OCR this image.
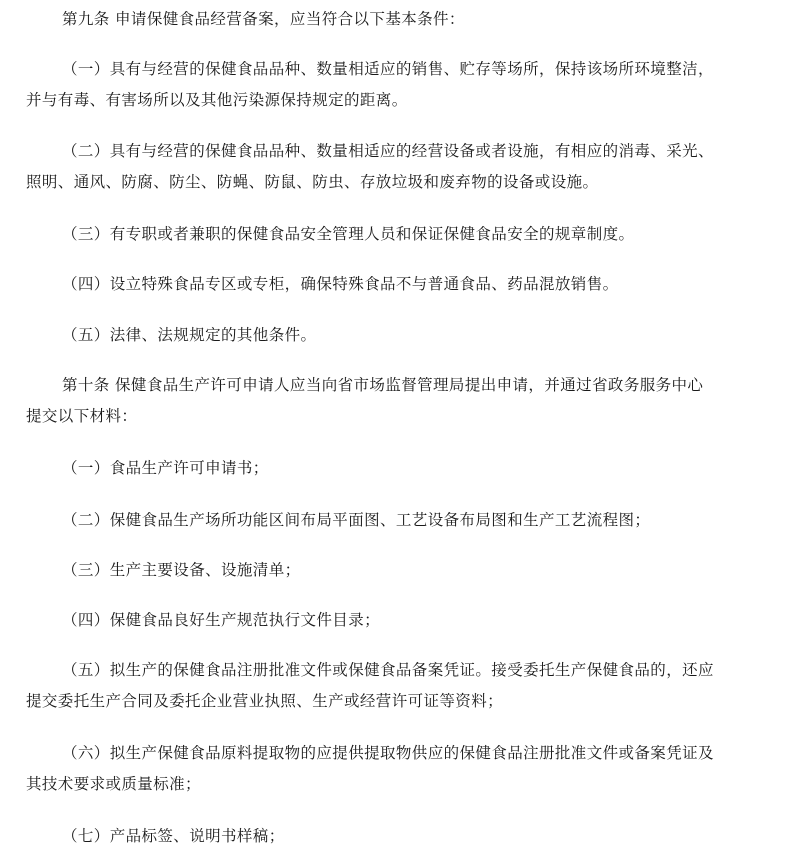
第九条 申请保健食品经营备案，应当符合以下基本条件：

（一）具有与经营的保健食品品种、数量相适应的销售、贮存等场所，保持该场所环境整洁，
并与有毒、有害场所以及其他污染源保持规定的距离。

（二）具有与经营的保健食品品种、数量相适应的经营设备或者设施，有相应的消毒、采光、
照明、通风、防腐、防尘、防蝇、防鼠、防虫、存放垃圾和废弃物的设备或设施。

（三）有专职或者兼职的保健食品安全管理人员和保证保健食品安全的规章制度。

（四）设立特殊食品专区或专柜，确保特殊食品不与普通食品、药品混放销售。

（五）法律、法规规定的其他条件。

第十条 保健食品生产许可申请人应当向省市场监督管理局提出申请，并通过省政务服务中心
提交以下材料：

（一）食品生产许可申请书；

（二）保健食品生产场所功能区间布局平面图、工艺设备布局图和生产工艺流程图；

（三）生产主要设备、设施清单；

（四）保健食品良好生产规范执行文件目录；

（五）拟生产的保健食品注册批准文件或保健食品备案凭证。接受委托生产保健食品的，还应
提交委托生产合同及委托企业营业执照、生产或经营许可证等资料；

（六）拟生产保健食品原料提取物的应提供提取物供应的保健食品注册批准文件或备案凭证及
其技术要求或质量标准；

（七）产品标签、说明书样稿；
